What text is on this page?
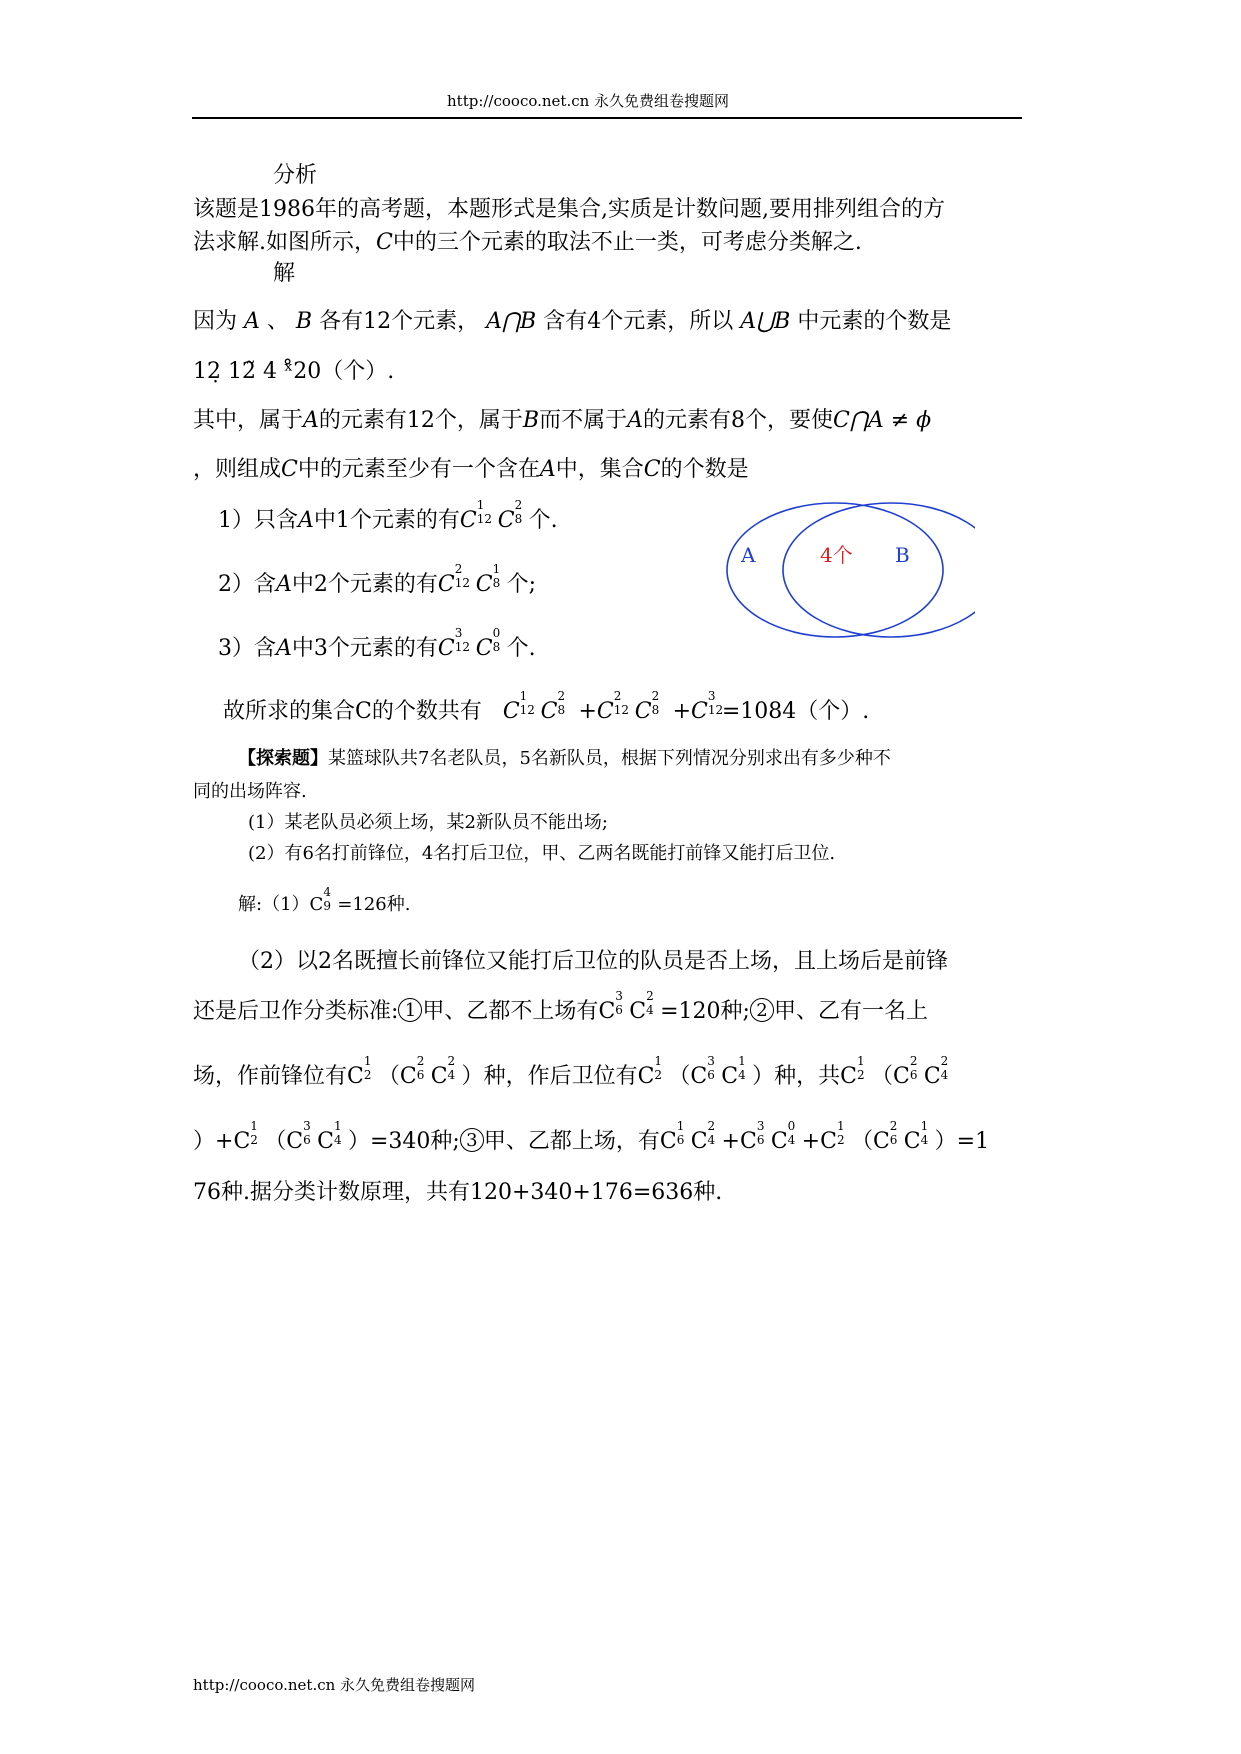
http://cooco.net.cn 永久免费组卷搜题网
分析
该题是1986年的高考题，本题形式是集合,实质是计数问题,要用排列组合的方
法求解.如图所示，C中的三个元素的取法不止一类，可考虑分类解之.
解
因为 A 、 B 各有12个元素， A⋂B 含有4个元素，所以 A⋃B 中元素的个数是
12̣ 12̃ 4 ˣ̊20（个）.
其中，属于A的元素有12个，属于B而不属于A的元素有8个，要使C⋂A ≠ ϕ
，则组成C中的元素至少有一个含在A中，集合C的个数是
1）只含A中1个元素的有C
1
12
C
2
8 个.
2）含A中2个元素的有C
2
12
C
1
8 个;
3）含A中3个元素的有C
3
12
C
0
8 个.
A	4个 B
故所求的集合C的个数共有 C
1
12
C
2
8 +C
2
12
C
2
8 +C
3
12
=1084（个）.
【探索题】某篮球队共7名老队员，5名新队员，根据下列情况分别求出有多少种不
同的出场阵容.
(1）某老队员必须上场，某2新队员不能出场;
(2）有6名打前锋位，4名打后卫位，甲、乙两名既能打前锋又能打后卫位.
解:（1）C
4
9 =126种.
（2）以2名既擅长前锋位又能打后卫位的队员是否上场，且上场后是前锋
还是后卫作分类标准: 1 甲、乙都不上场有C
3
6 C
2
4 =120种; 2 甲、乙有一名上
场，作前锋位有C
1
2 （C
2
6 C
2
4 ）种，作后卫位有C
1
2 （C
3
6 C
1
4 ）种，共C
1
2 （C
2
6 C
2
4
）+C
1
2 （C
3
6 C
1
4 ）=340种; 3 甲、乙都上场，有C
1
6 C
2
4 +C
3
6 C
0
4 +C
1
2 （C
2
6 C
1
4 ）=1
76种.据分类计数原理，共有120+340+176=636种.
http://cooco.net.cn 永久免费组卷搜题网
